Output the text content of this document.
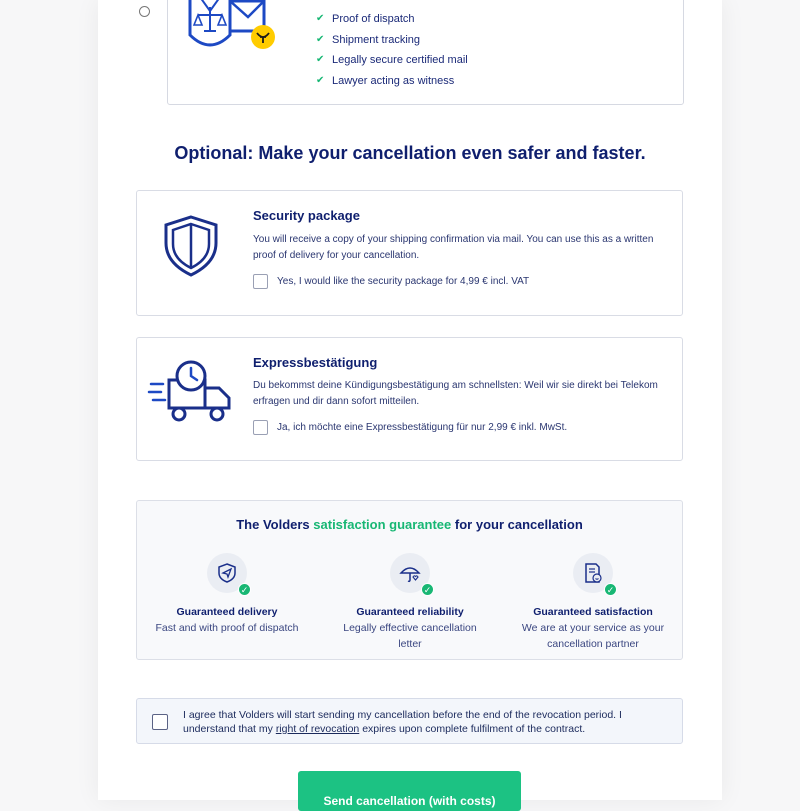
✔ Proof of dispatch
✔ Shipment tracking
✔ Legally secure certified mail
✔ Lawyer acting as witness
Optional: Make your cancellation even safer and faster.
Security package
You will receive a copy of your shipping confirmation via mail. You can use this as a written proof of delivery for your cancellation.
Yes, I would like the security package for 4,99 € incl. VAT
Expressbestätigung
Du bekommst deine Kündigungsbestätigung am schnellsten: Weil wir sie direkt bei Telekom erfragen und dir dann sofort mitteilen.
Ja, ich möchte eine Expressbestätigung für nur 2,99 € inkl. MwSt.
The Volders satisfaction guarantee for your cancellation
✓
Guaranteed delivery
Fast and with proof of dispatch
✓
Guaranteed reliability
Legally effective cancellation letter
✓
Guaranteed satisfaction
We are at your service as your cancellation partner
I agree that Volders will start sending my cancellation before the end of the revocation period. I understand that my right of revocation expires upon complete fulfilment of the contract.
Send cancellation (with costs)
